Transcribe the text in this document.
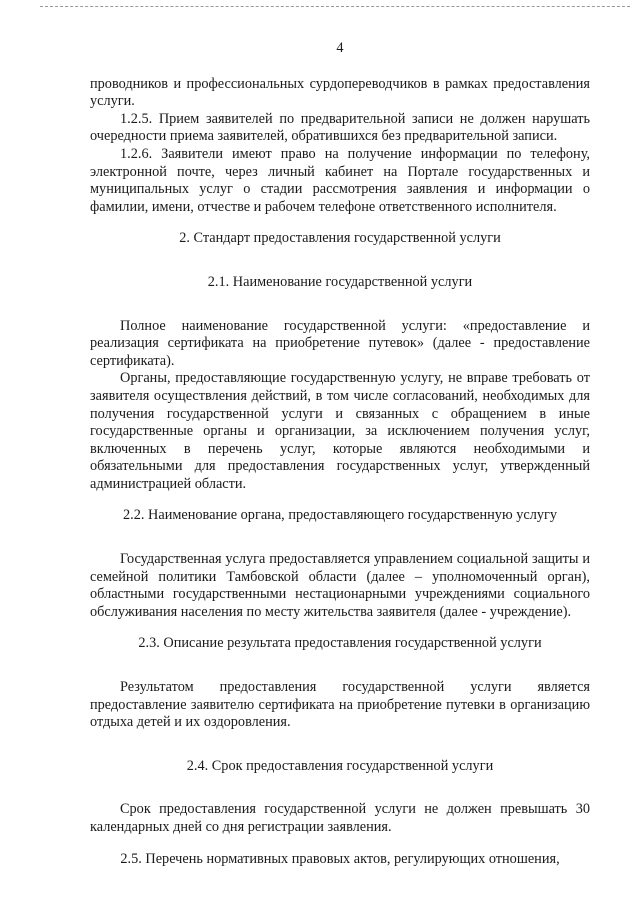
4

проводников и профессиональных сурдопереводчиков в рамках предоставления услуги.

1.2.5. Прием заявителей по предварительной записи не должен нарушать очередности приема заявителей, обратившихся без предварительной записи.

1.2.6. Заявители имеют право на получение информации по телефону, электронной почте, через личный кабинет на Портале государственных и муниципальных услуг о стадии рассмотрения заявления и информации о фамилии, имени, отчестве и рабочем телефоне ответственного исполнителя.

2. Стандарт предоставления государственной услуги
2.1. Наименование государственной услуги

Полное наименование государственной услуги: «предоставление и реализация сертификата на приобретение путевок» (далее - предоставление сертификата).

Органы, предоставляющие государственную услугу, не вправе требовать от заявителя осуществления действий, в том числе согласований, необходимых для получения государственной услуги и связанных с обращением в иные государственные органы и организации, за исключением получения услуг, включенных в перечень услуг, которые являются необходимыми и обязательными для предоставления государственных услуг, утвержденный администрацией области.

2.2. Наименование органа, предоставляющего государственную услугу

Государственная услуга предоставляется управлением социальной защиты и семейной политики Тамбовской области (далее – уполномоченный орган), областными государственными нестационарными учреждениями социального обслуживания населения по месту жительства заявителя (далее - учреждение).

2.3. Описание результата предоставления государственной услуги

Результатом предоставления государственной услуги является предоставление заявителю сертификата на приобретение путевки в организацию отдыха детей и их оздоровления.

2.4. Срок предоставления государственной услуги

Срок предоставления государственной услуги не должен превышать 30 календарных дней со дня регистрации заявления.

2.5. Перечень нормативных правовых актов, регулирующих отношения,
